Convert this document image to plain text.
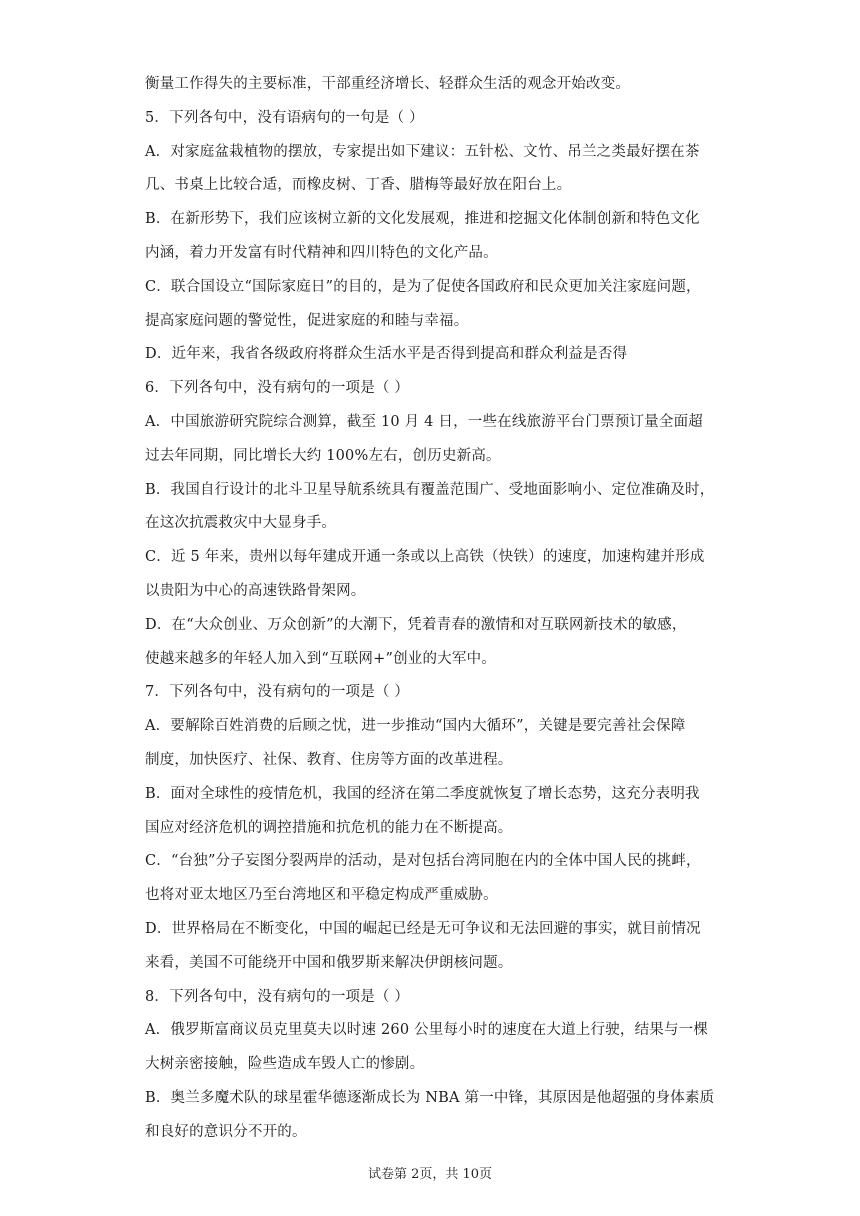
衡量工作得失的主要标准，干部重经济增长、轻群众生活的观念开始改变。
5．下列各句中，没有语病句的一句是（ ）
A．对家庭盆栽植物的摆放，专家提出如下建议：五针松、文竹、吊兰之类最好摆在茶
几、书桌上比较合适，而橡皮树、丁香、腊梅等最好放在阳台上。
B．在新形势下，我们应该树立新的文化发展观，推进和挖掘文化体制创新和特色文化
内涵，着力开发富有时代精神和四川特色的文化产品。
C．联合国设立“国际家庭日”的目的，是为了促使各国政府和民众更加关注家庭问题，
提高家庭问题的警觉性，促进家庭的和睦与幸福。
D．近年来，我省各级政府将群众生活水平是否得到提高和群众利益是否得
6．下列各句中，没有病句的一项是（ ）
A．中国旅游研究院综合测算，截至 10 月 4 日，一些在线旅游平台门票预订量全面超
过去年同期，同比增长大约 100%左右，创历史新高。
B．我国自行设计的北斗卫星导航系统具有覆盖范围广、受地面影响小、定位准确及时，
在这次抗震救灾中大显身手。
C．近 5 年来，贵州以每年建成开通一条或以上高铁（快铁）的速度，加速构建并形成
以贵阳为中心的高速铁路骨架网。
D．在“大众创业、万众创新”的大潮下，凭着青春的激情和对互联网新技术的敏感，
使越来越多的年轻人加入到“互联网+”创业的大军中。
7．下列各句中，没有病句的一项是（ ）
A．要解除百姓消费的后顾之忧，进一步推动“国内大循环”，关键是要完善社会保障
制度，加快医疗、社保、教育、住房等方面的改革进程。
B．面对全球性的疫情危机，我国的经济在第二季度就恢复了增长态势，这充分表明我
国应对经济危机的调控措施和抗危机的能力在不断提高。
C．“台独”分子妄图分裂两岸的活动，是对包括台湾同胞在内的全体中国人民的挑衅，
也将对亚太地区乃至台湾地区和平稳定构成严重威胁。
D．世界格局在不断变化，中国的崛起已经是无可争议和无法回避的事实，就目前情况
来看，美国不可能绕开中国和俄罗斯来解决伊朗核问题。
8．下列各句中，没有病句的一项是（ ）
A．俄罗斯富商议员克里莫夫以时速 260 公里每小时的速度在大道上行驶，结果与一棵
大树亲密接触，险些造成车毁人亡的惨剧。
B．奥兰多魔术队的球星霍华德逐渐成长为 NBA 第一中锋，其原因是他超强的身体素质
和良好的意识分不开的。
试卷第 2页，共 10页
